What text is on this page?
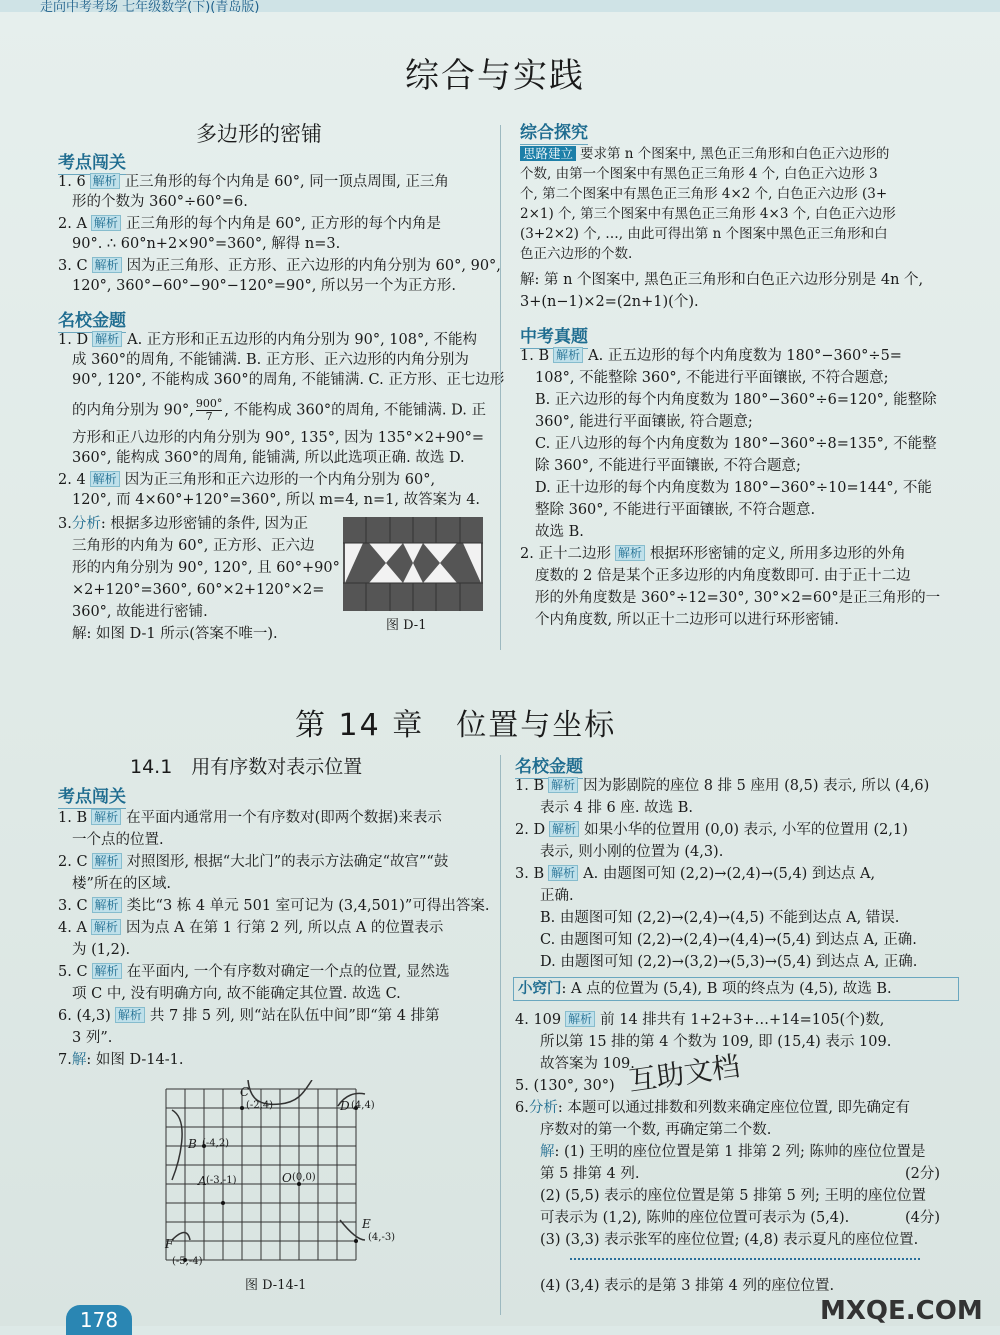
走向中考考场 七年级数学(下)(青岛版)
综合与实践
多边形的密铺
考点闯关
1. 6 解析 正三角形的每个内角是 60°, 同一顶点周围, 正三角
形的个数为 360°÷60°=6.
2. A 解析 正三角形的每个内角是 60°, 正方形的每个内角是
90°. ∴ 60°n+2×90°=360°, 解得 n=3.
3. C 解析 因为正三角形、正方形、正六边形的内角分别为 60°, 90°,
120°, 360°−60°−90°−120°=90°, 所以另一个为正方形.
名校金题
1. D 解析 A. 正方形和正五边形的内角分别为 90°, 108°, 不能构
成 360°的周角, 不能铺满. B. 正方形、正六边形的内角分别为
90°, 120°, 不能构成 360°的周角, 不能铺满. C. 正方形、正七边形
的内角分别为 90°, $\frac{900^\circ}{7}$ , 不能构成 360°的周角, 不能铺满. D. 正
方形和正八边形的内角分别为 90°, 135°, 因为 135°×2+90°=
360°, 能构成 360°的周角, 能铺满, 所以此选项正确. 故选 D.
2. 4 解析 因为正三角形和正六边形的一个内角分别为 60°,
120°, 而 4×60°+120°=360°, 所以 m=4, n=1, 故答案为 4.
3.分析: 根据多边形密铺的条件, 因为正
三角形的内角为 60°, 正方形、正六边
形的内角分别为 90°, 120°, 且 60°+90°
×2+120°=360°, 60°×2+120°×2=
360°, 故能进行密铺.
解: 如图 D-1 所示(答案不唯一).
图 D-1
综合探究
思路建立 要求第 n 个图案中, 黑色正三角形和白色正六边形的
个数, 由第一个图案中有黑色正三角形 4 个, 白色正六边形 3
个, 第二个图案中有黑色正三角形 4×2 个, 白色正六边形 (3+
2×1) 个, 第三个图案中有黑色正三角形 4×3 个, 白色正六边形
(3+2×2) 个, …, 由此可得出第 n 个图案中黑色正三角形和白
色正六边形的个数.
解: 第 n 个图案中, 黑色正三角形和白色正六边形分别是 4n 个,
3+(n−1)×2=(2n+1)(个).
中考真题
1. B 解析 A. 正五边形的每个内角度数为 180°−360°÷5=
108°, 不能整除 360°, 不能进行平面镶嵌, 不符合题意;
B. 正六边形的每个内角度数为 180°−360°÷6=120°, 能整除
360°, 能进行平面镶嵌, 符合题意;
C. 正八边形的每个内角度数为 180°−360°÷8=135°, 不能整
除 360°, 不能进行平面镶嵌, 不符合题意;
D. 正十边形的每个内角度数为 180°−360°÷10=144°, 不能
整除 360°, 不能进行平面镶嵌, 不符合题意.
故选 B.
2. 正十二边形 解析 根据环形密铺的定义, 所用多边形的外角
度数的 2 倍是某个正多边形的内角度数即可. 由于正十二边
形的外角度数是 360°÷12=30°, 30°×2=60°是正三角形的一
个内角度数, 所以正十二边形可以进行环形密铺.
第 14 章　位置与坐标
14.1　用有序数对表示位置
考点闯关
1. B 解析 在平面内通常用一个有序数对(即两个数据)来表示
一个点的位置.
2. C 解析 对照图形, 根据“大北门”的表示方法确定“故宫”“鼓
楼”所在的区域.
3. C 解析 类比“3 栋 4 单元 501 室可记为 (3,4,501)”可得出答案.
4. A 解析 因为点 A 在第 1 行第 2 列, 所以点 A 的位置表示
为 (1,2).
5. C 解析 在平面内, 一个有序数对确定一个点的位置, 显然选
项 C 中, 没有明确方向, 故不能确定其位置. 故选 C.
6. (4,3) 解析 共 7 排 5 列, 则“站在队伍中间”即“第 4 排第
3 列”.
7.解: 如图 D-14-1.
C
(-2,4)	D (4,4)
B (-4,2)
A (-3,-1)	O (0,0)
E
(4,-3)
F
(-5,-4)
图 D-14-1
名校金题
1. B 解析 因为影剧院的座位 8 排 5 座用 (8,5) 表示, 所以 (4,6)
表示 4 排 6 座. 故选 B.
2. D 解析 如果小华的位置用 (0,0) 表示, 小军的位置用 (2,1)
表示, 则小刚的位置为 (4,3).
3. B 解析 A. 由题图可知 (2,2)→(2,4)→(5,4) 到达点 A,
正确.
B. 由题图可知 (2,2)→(2,4)→(4,5) 不能到达点 A, 错误.
C. 由题图可知 (2,2)→(2,4)→(4,4)→(5,4) 到达点 A, 正确.
D. 由题图可知 (2,2)→(3,2)→(5,3)→(5,4) 到达点 A, 正确.
小窍门: A 点的位置为 (5,4), B 项的终点为 (4,5), 故选 B.
4. 109 解析 前 14 排共有 1+2+3+…+14=105(个)数,
所以第 15 排的第 4 个数为 109, 即 (15,4) 表示 109.
故答案为 109.
5. (130°, 30°)
6.分析: 本题可以通过排数和列数来确定座位位置, 即先确定有
序数对的第一个数, 再确定第二个数.
解: (1) 王明的座位位置是第 1 排第 2 列; 陈帅的座位位置是
第 5 排第 4 列.	(2分)
(2) (5,5) 表示的座位位置是第 5 排第 5 列; 王明的座位位置
可表示为 (1,2), 陈帅的座位位置可表示为 (5,4).	(4分)
(3) (3,3) 表示张军的座位位置; (4,8) 表示夏凡的座位位置.
(4) (3,4) 表示的是第 3 排第 4 列的座位位置.
互助文档
MXQE.COM
178
